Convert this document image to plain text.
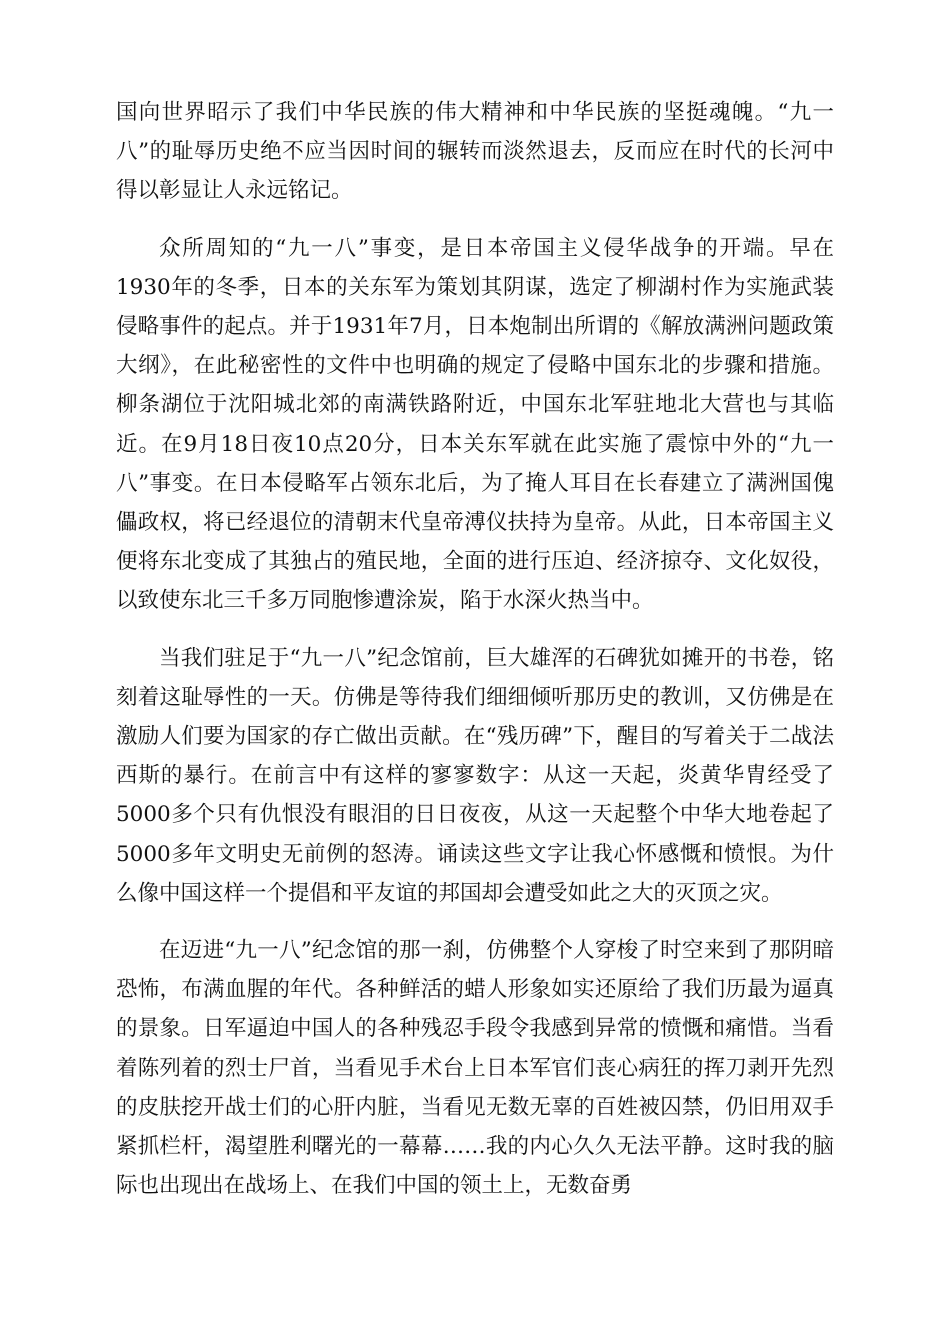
国向世界昭示了我们中华民族的伟大精神和中华民族的坚挺魂魄。“九一八”的耻辱历史绝不应当因时间的辗转而淡然退去，反而应在时代的长河中得以彰显让人永远铭记。

众所周知的“九一八”事变，是日本帝国主义侵华战争的开端。早在1930年的冬季，日本的关东军为策划其阴谋，选定了柳湖村作为实施武装侵略事件的起点。并于1931年7月，日本炮制出所谓的《解放满洲问题政策大纲》，在此秘密性的文件中也明确的规定了侵略中国东北的步骤和措施。柳条湖位于沈阳城北郊的南满铁路附近，中国东北军驻地北大营也与其临近。在9月18日夜10点20分，日本关东军就在此实施了震惊中外的“九一八”事变。在日本侵略军占领东北后，为了掩人耳目在长春建立了满洲国傀儡政权，将已经退位的清朝末代皇帝溥仪扶持为皇帝。从此，日本帝国主义便将东北变成了其独占的殖民地，全面的进行压迫、经济掠夺、文化奴役，以致使东北三千多万同胞惨遭涂炭，陷于水深火热当中。

当我们驻足于“九一八”纪念馆前，巨大雄浑的石碑犹如摊开的书卷，铭刻着这耻辱性的一天。仿佛是等待我们细细倾听那历史的教训，又仿佛是在激励人们要为国家的存亡做出贡献。在“残历碑”下，醒目的写着关于二战法西斯的暴行。在前言中有这样的寥寥数字：从这一天起，炎黄华胄经受了5000多个只有仇恨没有眼泪的日日夜夜，从这一天起整个中华大地卷起了5000多年文明史无前例的怒涛。诵读这些文字让我心怀感慨和愤恨。为什么像中国这样一个提倡和平友谊的邦国却会遭受如此之大的灭顶之灾。

在迈进“九一八”纪念馆的那一刹，仿佛整个人穿梭了时空来到了那阴暗恐怖，布满血腥的年代。各种鲜活的蜡人形象如实还原给了我们历最为逼真的景象。日军逼迫中国人的各种残忍手段令我感到异常的愤慨和痛惜。当看着陈列着的烈士尸首，当看见手术台上日本军官们丧心病狂的挥刀剥开先烈的皮肤挖开战士们的心肝内脏，当看见无数无辜的百姓被囚禁，仍旧用双手紧抓栏杆，渴望胜利曙光的一幕幕……我的内心久久无法平静。这时我的脑际也出现出在战场上、在我们中国的领土上，无数奋勇
